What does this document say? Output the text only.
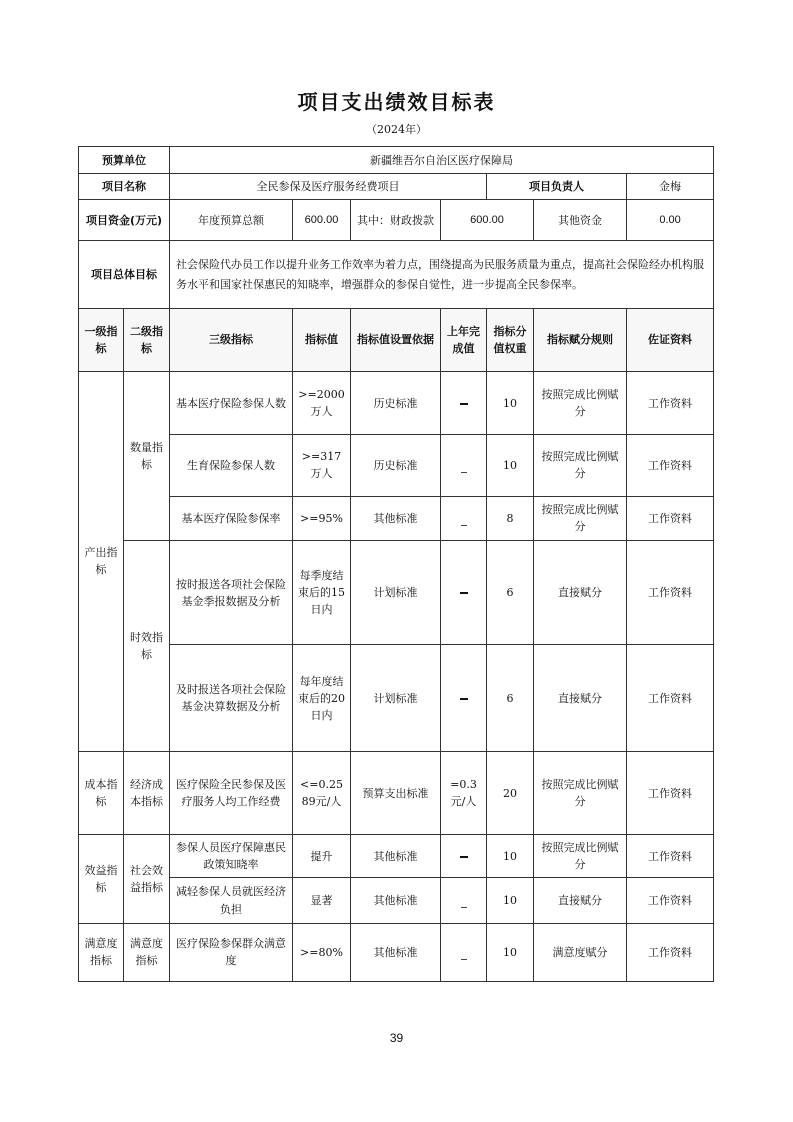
项目支出绩效目标表
（2024年）
预算单位		新疆维吾尔自治区医疗保障局						
项目名称		全民参保及医疗服务经费项目				项目负责人		金梅
项目资金(万元)		年度预算总额	600.00	其中：财政拨款	600.00		其他资金	0.00
项目总体目标		社会保险代办员工作以提升业务工作效率为着力点，围绕提高为民服务质量为重点，提高社会保险经办机构服务水平和国家社保惠民的知晓率，增强群众的参保自觉性，进一步提高全民参保率。						
一级指标	二级指标	三级指标	指标值	指标值设置依据	上年完成值	指标分值权重	指标赋分规则	佐证资料
产出指标	数量指标	基本医疗保险参保人数	>=2000万人	历史标准		10	按照完成比例赋分	工作资料
		生育保险参保人数	>=317万人	历史标准		10	按照完成比例赋分	工作资料
		基本医疗保险参保率	>=95%	其他标准		8	按照完成比例赋分	工作资料
	时效指标	按时报送各项社会保险基金季报数据及分析	每季度结束后的15日内	计划标准		6	直接赋分	工作资料
		及时报送各项社会保险基金决算数据及分析	每年度结束后的20日内	计划标准		6	直接赋分	工作资料
成本指标	经济成本指标	医疗保险全民参保及医疗服务人均工作经费	<=0.2589元/人	预算支出标准	=0.3元/人	20	按照完成比例赋分	工作资料
效益指标	社会效益指标	参保人员医疗保障惠民政策知晓率	提升	其他标准		10	按照完成比例赋分	工作资料
		减轻参保人员就医经济负担	显著	其他标准		10	直接赋分	工作资料
满意度指标	满意度指标	医疗保险参保群众满意度	>=80%	其他标准		10	满意度赋分	工作资料
39
